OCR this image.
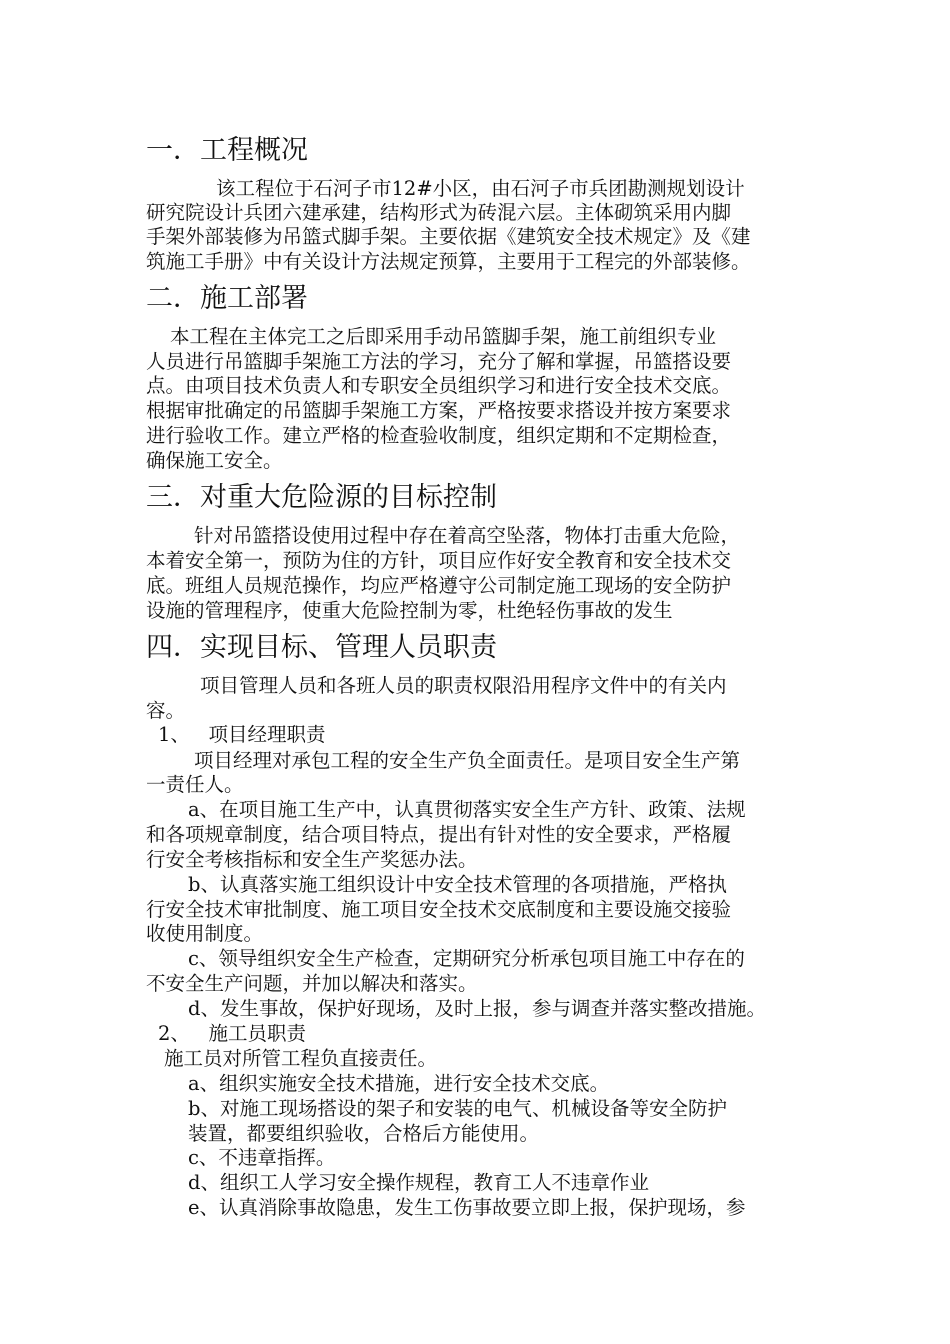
一．工程概况
该工程位于石河子市12#小区，由石河子市兵团勘测规划设计
研究院设计兵团六建承建，结构形式为砖混六层。主体砌筑采用内脚
手架外部装修为吊篮式脚手架。主要依据《建筑安全技术规定》及《建
筑施工手册》中有关设计方法规定预算，主要用于工程完的外部装修。
二．施工部署
本工程在主体完工之后即采用手动吊篮脚手架，施工前组织专业
人员进行吊篮脚手架施工方法的学习，充分了解和掌握，吊篮搭设要
点。由项目技术负责人和专职安全员组织学习和进行安全技术交底。
根据审批确定的吊篮脚手架施工方案，严格按要求搭设并按方案要求
进行验收工作。建立严格的检查验收制度，组织定期和不定期检查，
确保施工安全。
三．对重大危险源的目标控制
针对吊篮搭设使用过程中存在着高空坠落，物体打击重大危险，
本着安全第一，预防为住的方针，项目应作好安全教育和安全技术交
底。班组人员规范操作，均应严格遵守公司制定施工现场的安全防护
设施的管理程序，使重大危险控制为零，杜绝轻伤事故的发生
四．实现目标、管理人员职责
项目管理人员和各班人员的职责权限沿用程序文件中的有关内
容。
1、   项目经理职责
项目经理对承包工程的安全生产负全面责任。是项目安全生产第
一责任人。
a、在项目施工生产中，认真贯彻落实安全生产方针、政策、法规
和各项规章制度，结合项目特点，提出有针对性的安全要求，严格履
行安全考核指标和安全生产奖惩办法。
b、认真落实施工组织设计中安全技术管理的各项措施，严格执
行安全技术审批制度、施工项目安全技术交底制度和主要设施交接验
收使用制度。
c、领导组织安全生产检查，定期研究分析承包项目施工中存在的
不安全生产问题，并加以解决和落实。
d、发生事故，保护好现场，及时上报，参与调查并落实整改措施。
2、   施工员职责
施工员对所管工程负直接责任。
a、组织实施安全技术措施，进行安全技术交底。
b、对施工现场搭设的架子和安装的电气、机械设备等安全防护
装置，都要组织验收，合格后方能使用。
c、不违章指挥。
d、组织工人学习安全操作规程，教育工人不违章作业
e、认真消除事故隐患，发生工伤事故要立即上报，保护现场，参
